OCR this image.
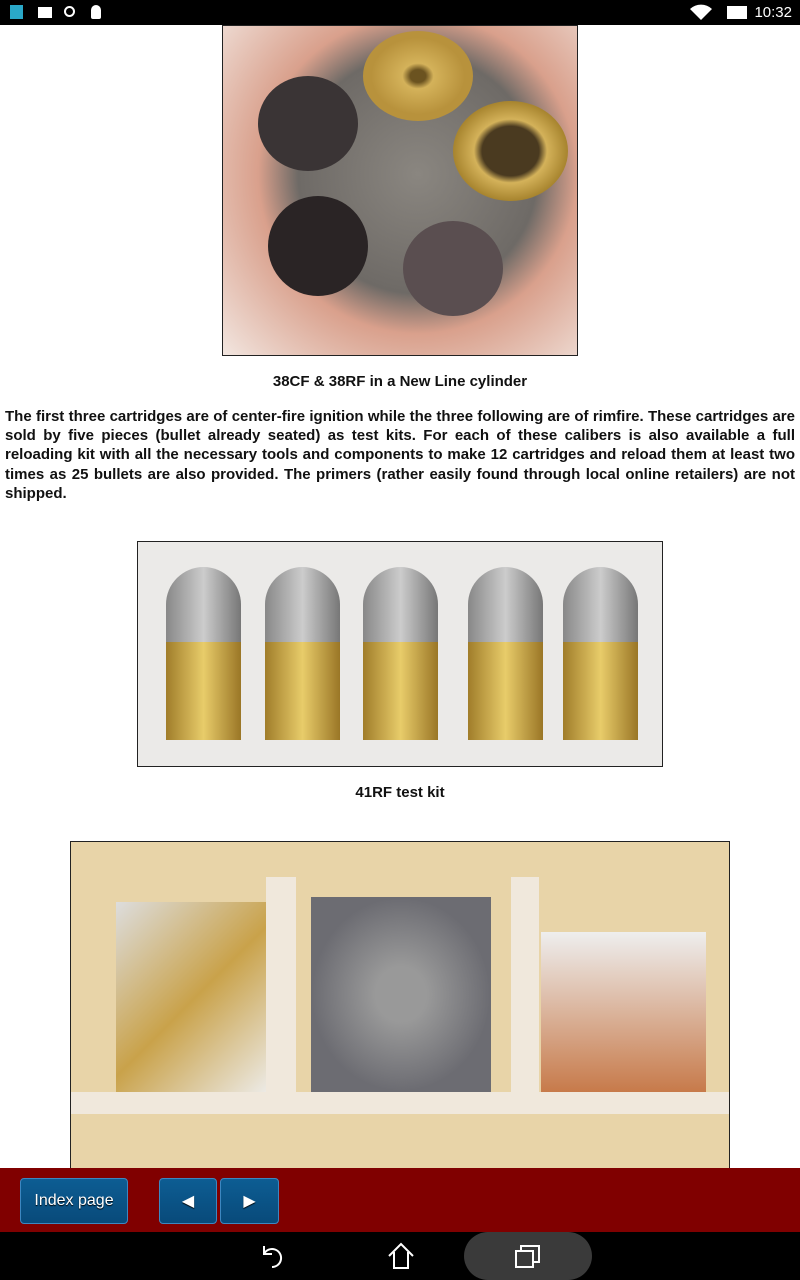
10:32
38CF & 38RF in a New Line cylinder
The first three cartridges are of center-fire ignition while the three following are of rimfire. These cartridges are sold by five pieces (bullet already seated) as test kits. For each of these calibers is also available a full reloading kit with all the necessary tools and components to make 12 cartridges and reload them at least two times as 25 bullets are also provided. The primers (rather easily found through local online retailers) are not shipped.
41RF test kit
Index page	◀	▶
